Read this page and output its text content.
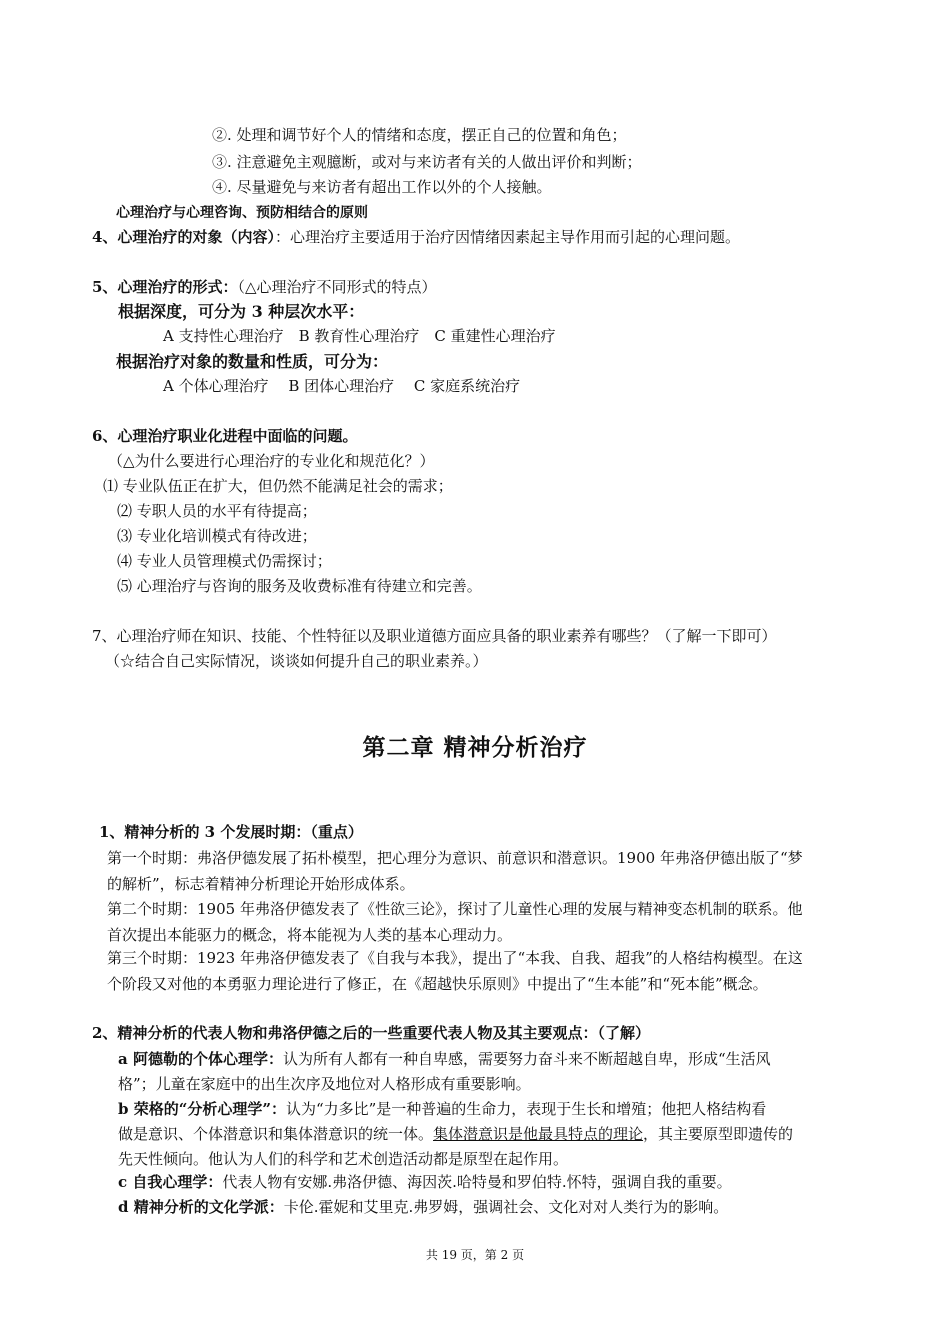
②. 处理和调节好个人的情绪和态度，摆正自己的位置和角色；
③. 注意避免主观臆断，或对与来访者有关的人做出评价和判断；
④. 尽量避免与来访者有超出工作以外的个人接触。
心理治疗与心理咨询、预防相结合的原则
4、心理治疗的对象（内容）：心理治疗主要适用于治疗因情绪因素起主导作用而引起的心理问题。
5、心理治疗的形式：（△心理治疗不同形式的特点）
根据深度，可分为 3 种层次水平：
A 支持性心理治疗　B 教育性心理治疗　C 重建性心理治疗
根据治疗对象的数量和性质，可分为：
A 个体心理治疗　 B 团体心理治疗　 C 家庭系统治疗
6、心理治疗职业化进程中面临的问题。
（△为什么要进行心理治疗的专业化和规范化？）
⑴ 专业队伍正在扩大，但仍然不能满足社会的需求；
⑵ 专职人员的水平有待提高；
⑶ 专业化培训模式有待改进；
⑷ 专业人员管理模式仍需探讨；
⑸ 心理治疗与咨询的服务及收费标准有待建立和完善。
7、心理治疗师在知识、技能、个性特征以及职业道德方面应具备的职业素养有哪些？（了解一下即可）
（☆结合自己实际情况，谈谈如何提升自己的职业素养。）
第二章 精神分析治疗
1、精神分析的 3 个发展时期：（重点）
第一个时期：弗洛伊德发展了拓朴模型，把心理分为意识、前意识和潜意识。1900 年弗洛伊德出版了“梦
的解析”，标志着精神分析理论开始形成体系。
第二个时期：1905 年弗洛伊德发表了《性欲三论》，探讨了儿童性心理的发展与精神变态机制的联系。他
首次提出本能驱力的概念，将本能视为人类的基本心理动力。
第三个时期：1923 年弗洛伊德发表了《自我与本我》，提出了“本我、自我、超我”的人格结构模型。在这
个阶段又对他的本勇驱力理论进行了修正，在《超越快乐原则》中提出了“生本能”和“死本能”概念。
2、精神分析的代表人物和弗洛伊德之后的一些重要代表人物及其主要观点：（了解）
a 阿德勒的个体心理学：认为所有人都有一种自卑感，需要努力奋斗来不断超越自卑，形成“生活风
格”；儿童在家庭中的出生次序及地位对人格形成有重要影响。
b 荣格的“分析心理学”：认为“力多比”是一种普遍的生命力，表现于生长和增殖；他把人格结构看
做是意识、个体潜意识和集体潜意识的统一体。集体潜意识是他最具特点的理论，其主要原型即遗传的
先天性倾向。他认为人们的科学和艺术创造活动都是原型在起作用。
c 自我心理学：代表人物有安娜.弗洛伊德、海因茨.哈特曼和罗伯特.怀特，强调自我的重要。
d 精神分析的文化学派：卡伦.霍妮和艾里克.弗罗姆，强调社会、文化对对人类行为的影响。
共 19 页，第 2 页
